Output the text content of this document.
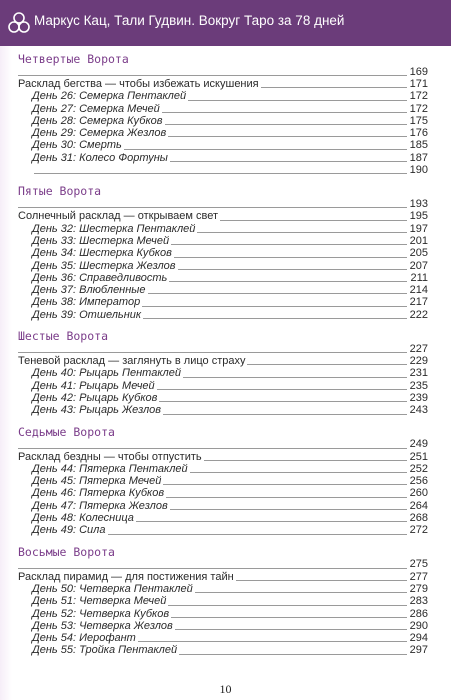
Маркус Кац, Тали Гудвин. Вокруг Таро за 78 дней
Четвертые Ворота
169
Расклад бегства — чтобы избежать искушения	171
День 26: Семерка Пентаклей	172
День 27: Семерка Мечей	172
День 28: Семерка Кубков	175
День 29: Семерка Жезлов	176
День 30: Смерть	185
День 31: Колесо Фортуны	187
190
Пятые Ворота
193
Солнечный расклад — открываем свет	195
День 32: Шестерка Пентаклей	197
День 33: Шестерка Мечей	201
День 34: Шестерка Кубков	205
День 35: Шестерка Жезлов	207
День 36: Справедливость	211
День 37: Влюбленные	214
День 38: Император	217
День 39: Отшельник	222
Шестые Ворота
227
Теневой расклад — заглянуть в лицо страху	229
День 40: Рыцарь Пентаклей	231
День 41: Рыцарь Мечей	235
День 42: Рыцарь Кубков	239
День 43: Рыцарь Жезлов	243
Седьмые Ворота
249
Расклад бездны — чтобы отпустить	251
День 44: Пятерка Пентаклей	252
День 45: Пятерка Мечей	256
День 46: Пятерка Кубков	260
День 47: Пятерка Жезлов	264
День 48: Колесница	268
День 49: Сила	272
Восьмые Ворота
275
Расклад пирамид — для постижения тайн	277
День 50: Четверка Пентаклей	279
День 51: Четверка Мечей	283
День 52: Четверка Кубков	286
День 53: Четверка Жезлов	290
День 54: Иерофант	294
День 55: Тройка Пентаклей	297
10
